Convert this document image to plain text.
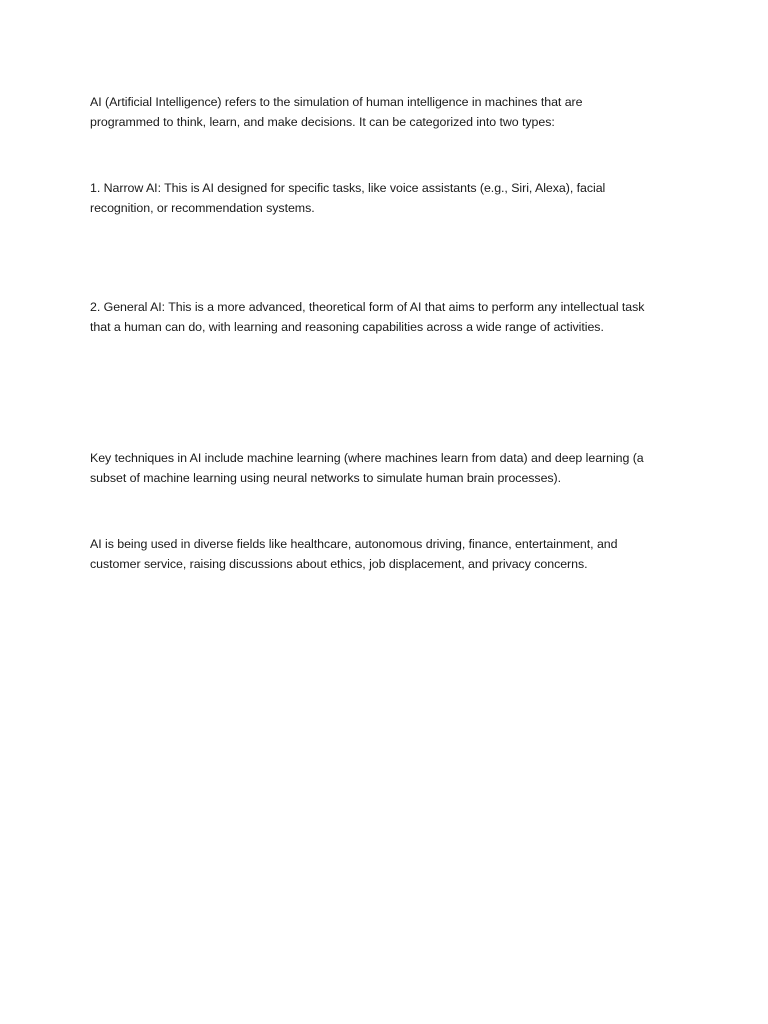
AI (Artificial Intelligence) refers to the simulation of human intelligence in machines that are
programmed to think, learn, and make decisions. It can be categorized into two types:

1. Narrow AI: This is AI designed for specific tasks, like voice assistants (e.g., Siri, Alexa), facial
recognition, or recommendation systems.

2. General AI: This is a more advanced, theoretical form of AI that aims to perform any intellectual task
that a human can do, with learning and reasoning capabilities across a wide range of activities.

Key techniques in AI include machine learning (where machines learn from data) and deep learning (a
subset of machine learning using neural networks to simulate human brain processes).

AI is being used in diverse fields like healthcare, autonomous driving, finance, entertainment, and
customer service, raising discussions about ethics, job displacement, and privacy concerns.
